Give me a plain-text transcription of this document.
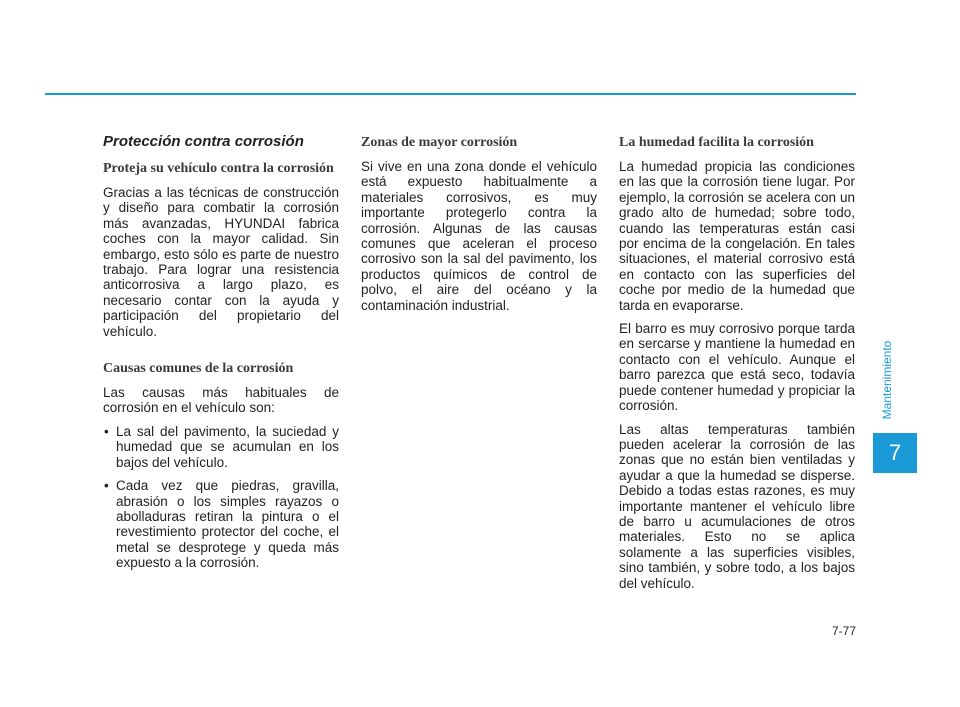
Protección contra corrosión
Proteja su vehículo contra la corrosión

Gracias a las técnicas de construcción y diseño para combatir la corrosión más avanzadas, HYUNDAI fabrica coches con la mayor calidad. Sin embargo, esto sólo es parte de nuestro trabajo. Para lograr una resistencia anticorrosiva a largo plazo, es necesario contar con la ayuda y participación del propietario del vehículo.

Causas comunes de la corrosión

Las causas más habituales de corrosión en el vehículo son:

• La sal del pavimento, la suciedad y humedad que se acumulan en los bajos del vehículo.
• Cada vez que piedras, gravilla, abrasión o los simples rayazos o abolladuras retiran la pintura o el revestimiento protector del coche, el metal se desprotege y queda más expuesto a la corrosión.
Zonas de mayor corrosión

Si vive en una zona donde el vehículo está expuesto habitualmente a materiales corrosivos, es muy importante protegerlo contra la corrosión. Algunas de las causas comunes que aceleran el proceso corrosivo son la sal del pavimento, los productos químicos de control de polvo, el aire del océano y la contaminación industrial.

La humedad facilita la corrosión

La humedad propicia las condiciones en las que la corrosión tiene lugar. Por ejemplo, la corrosión se acelera con un grado alto de humedad; sobre todo, cuando las temperaturas están casi por encima de la congelación. En tales situaciones, el material corrosivo está en contacto con las superficies del coche por medio de la humedad que tarda en evaporarse.

El barro es muy corrosivo porque tarda en sercarse y mantiene la humedad en contacto con el vehículo. Aunque el barro parezca que está seco, todavía puede contener humedad y propiciar la corrosión.

Las altas temperaturas también pueden acelerar la corrosión de las zonas que no están bien ventiladas y ayudar a que la humedad se disperse. Debido a todas estas razones, es muy importante mantener el vehículo libre de barro u acumulaciones de otros materiales. Esto no se aplica solamente a las superficies visibles, sino también, y sobre todo, a los bajos del vehículo.

Mantenimiento
7
7-77
